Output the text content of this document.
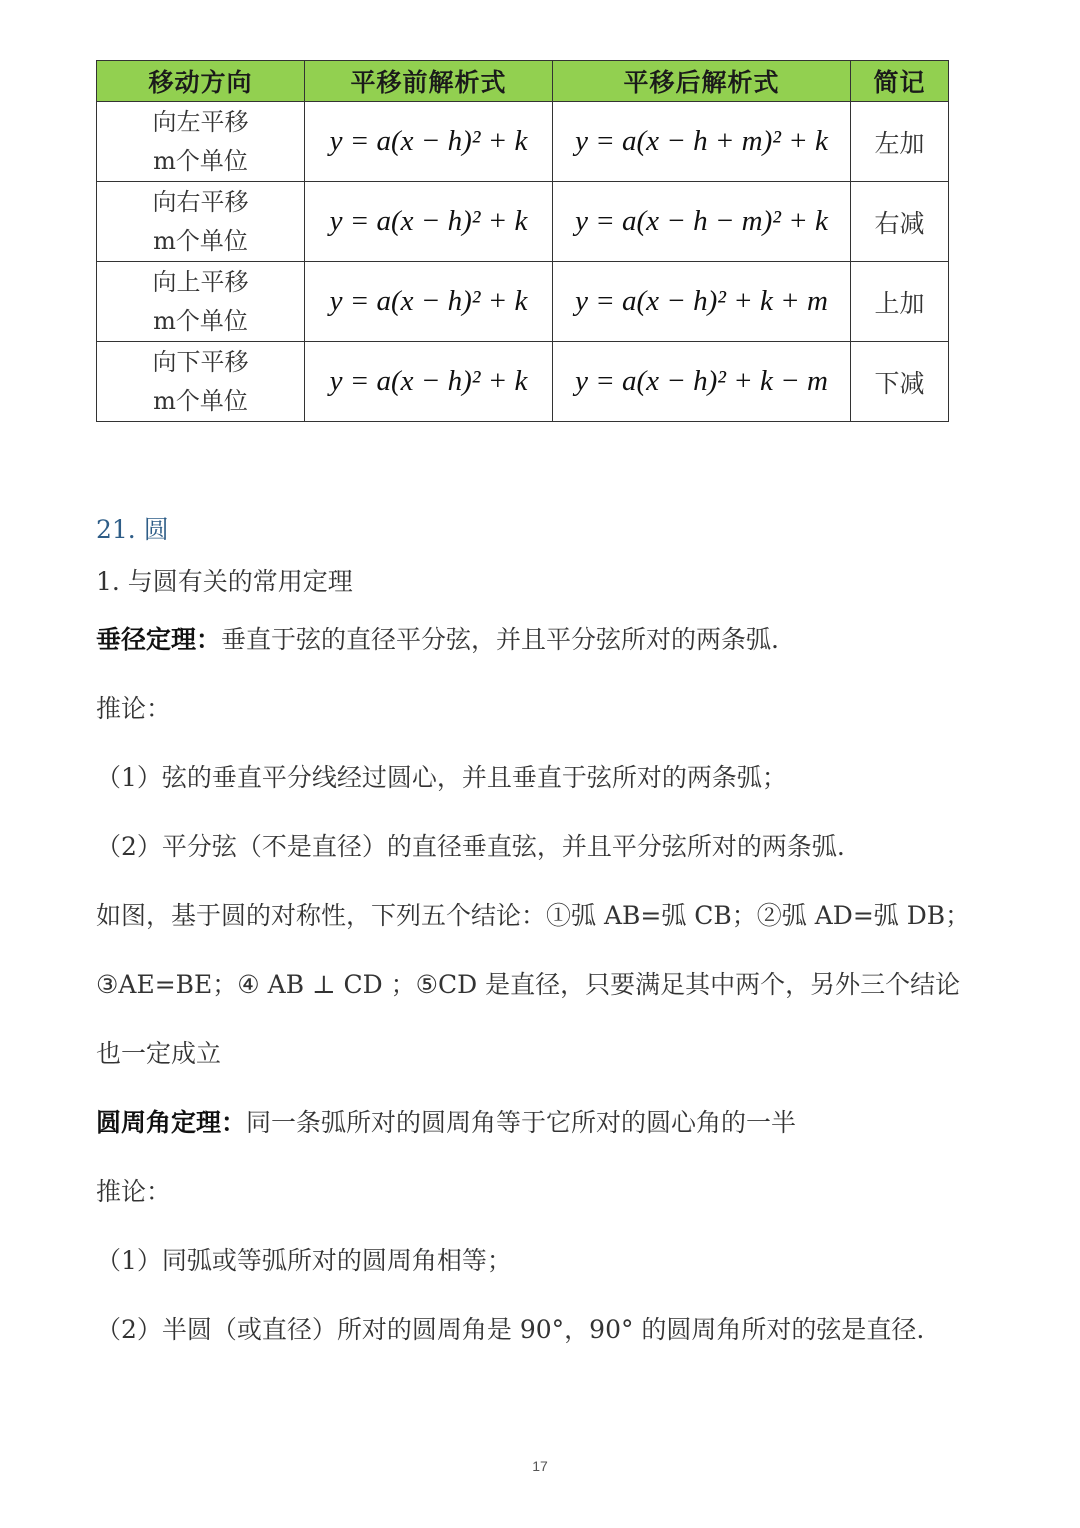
移动方向	平移前解析式	平移后解析式	简记

向左平移
m个单位	y = a(x − h)² + k	y = a(x − h + m)² + k	左加

向右平移
m个单位	y = a(x − h)² + k	y = a(x − h − m)² + k	右减

向上平移
m个单位	y = a(x − h)² + k	y = a(x − h)² + k + m	上加

向下平移
m个单位	y = a(x − h)² + k	y = a(x − h)² + k − m	下减
21. 圆
1. 与圆有关的常用定理
垂径定理：垂直于弦的直径平分弦，并且平分弦所对的两条弧.
推论：
（1）弦的垂直平分线经过圆心，并且垂直于弦所对的两条弧；
（2）平分弦（不是直径）的直径垂直弦，并且平分弦所对的两条弧.
如图，基于圆的对称性，下列五个结论：①弧 AB=弧 CB；②弧 AD=弧 DB；
③AE=BE；④ AB ⊥ CD ；⑤CD 是直径，只要满足其中两个，另外三个结论
也一定成立
圆周角定理：同一条弧所对的圆周角等于它所对的圆心角的一半
推论：
（1）同弧或等弧所对的圆周角相等；
（2）半圆（或直径）所对的圆周角是 90°，90° 的圆周角所对的弦是直径.
17
